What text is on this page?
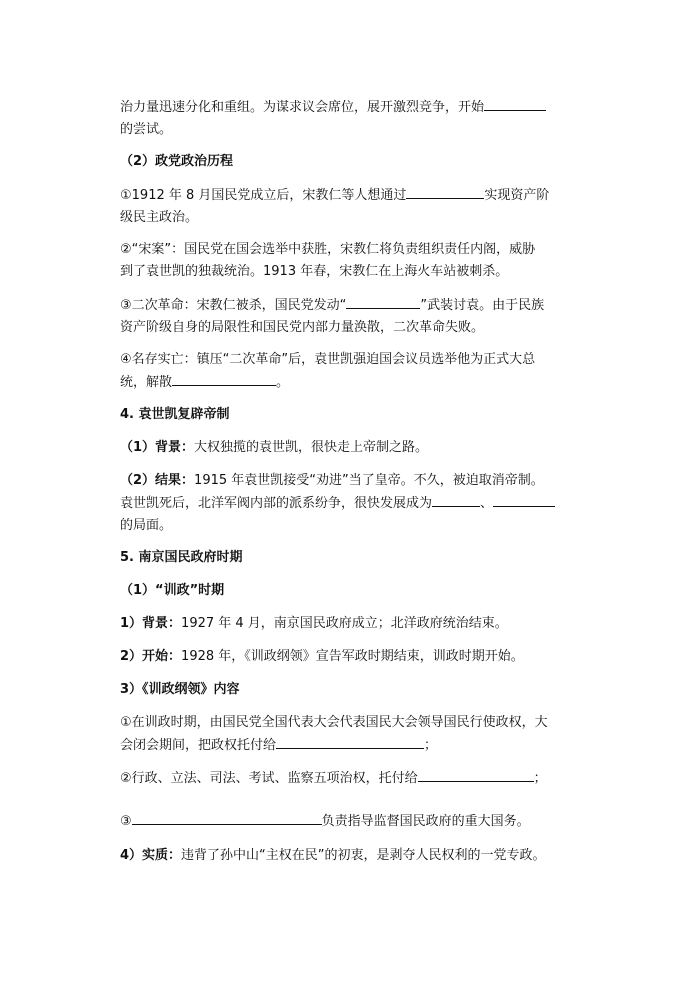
治力量迅速分化和重组。为谋求议会席位，展开激烈竞争，开始
的尝试。

（2）政党政治历程

①1912 年 8 月国民党成立后，宋教仁等人想通过	实现资产阶
级民主政治。

②“宋案”：国民党在国会选举中获胜，宋教仁将负责组织责任内阁，威胁
到了袁世凯的独裁统治。1913 年春，宋教仁在上海火车站被刺杀。

③二次革命：宋教仁被杀，国民党发动“	”武装讨袁。由于民族
资产阶级自身的局限性和国民党内部力量涣散，二次革命失败。

④名存实亡：镇压“二次革命”后，袁世凯强迫国会议员选举他为正式大总
统，解散	。

4. 袁世凯复辟帝制

（1）背景：大权独揽的袁世凯，很快走上帝制之路。

（2）结果：1915 年袁世凯接受“劝进”当了皇帝。不久，被迫取消帝制。
袁世凯死后，北洋军阀内部的派系纷争，很快发展成为	、
的局面。

5. 南京国民政府时期

（1）“训政”时期

1）背景：1927 年 4 月，南京国民政府成立；北洋政府统治结束。

2）开始：1928 年，《训政纲领》宣告军政时期结束，训政时期开始。

3）《训政纲领》内容

①在训政时期，由国民党全国代表大会代表国民大会领导国民行使政权，大
会闭会期间，把政权托付给	；

②行政、立法、司法、考试、监察五项治权，托付给	；

③	负责指导监督国民政府的重大国务。

4）实质：违背了孙中山“主权在民”的初衷，是剥夺人民权利的一党专政。
